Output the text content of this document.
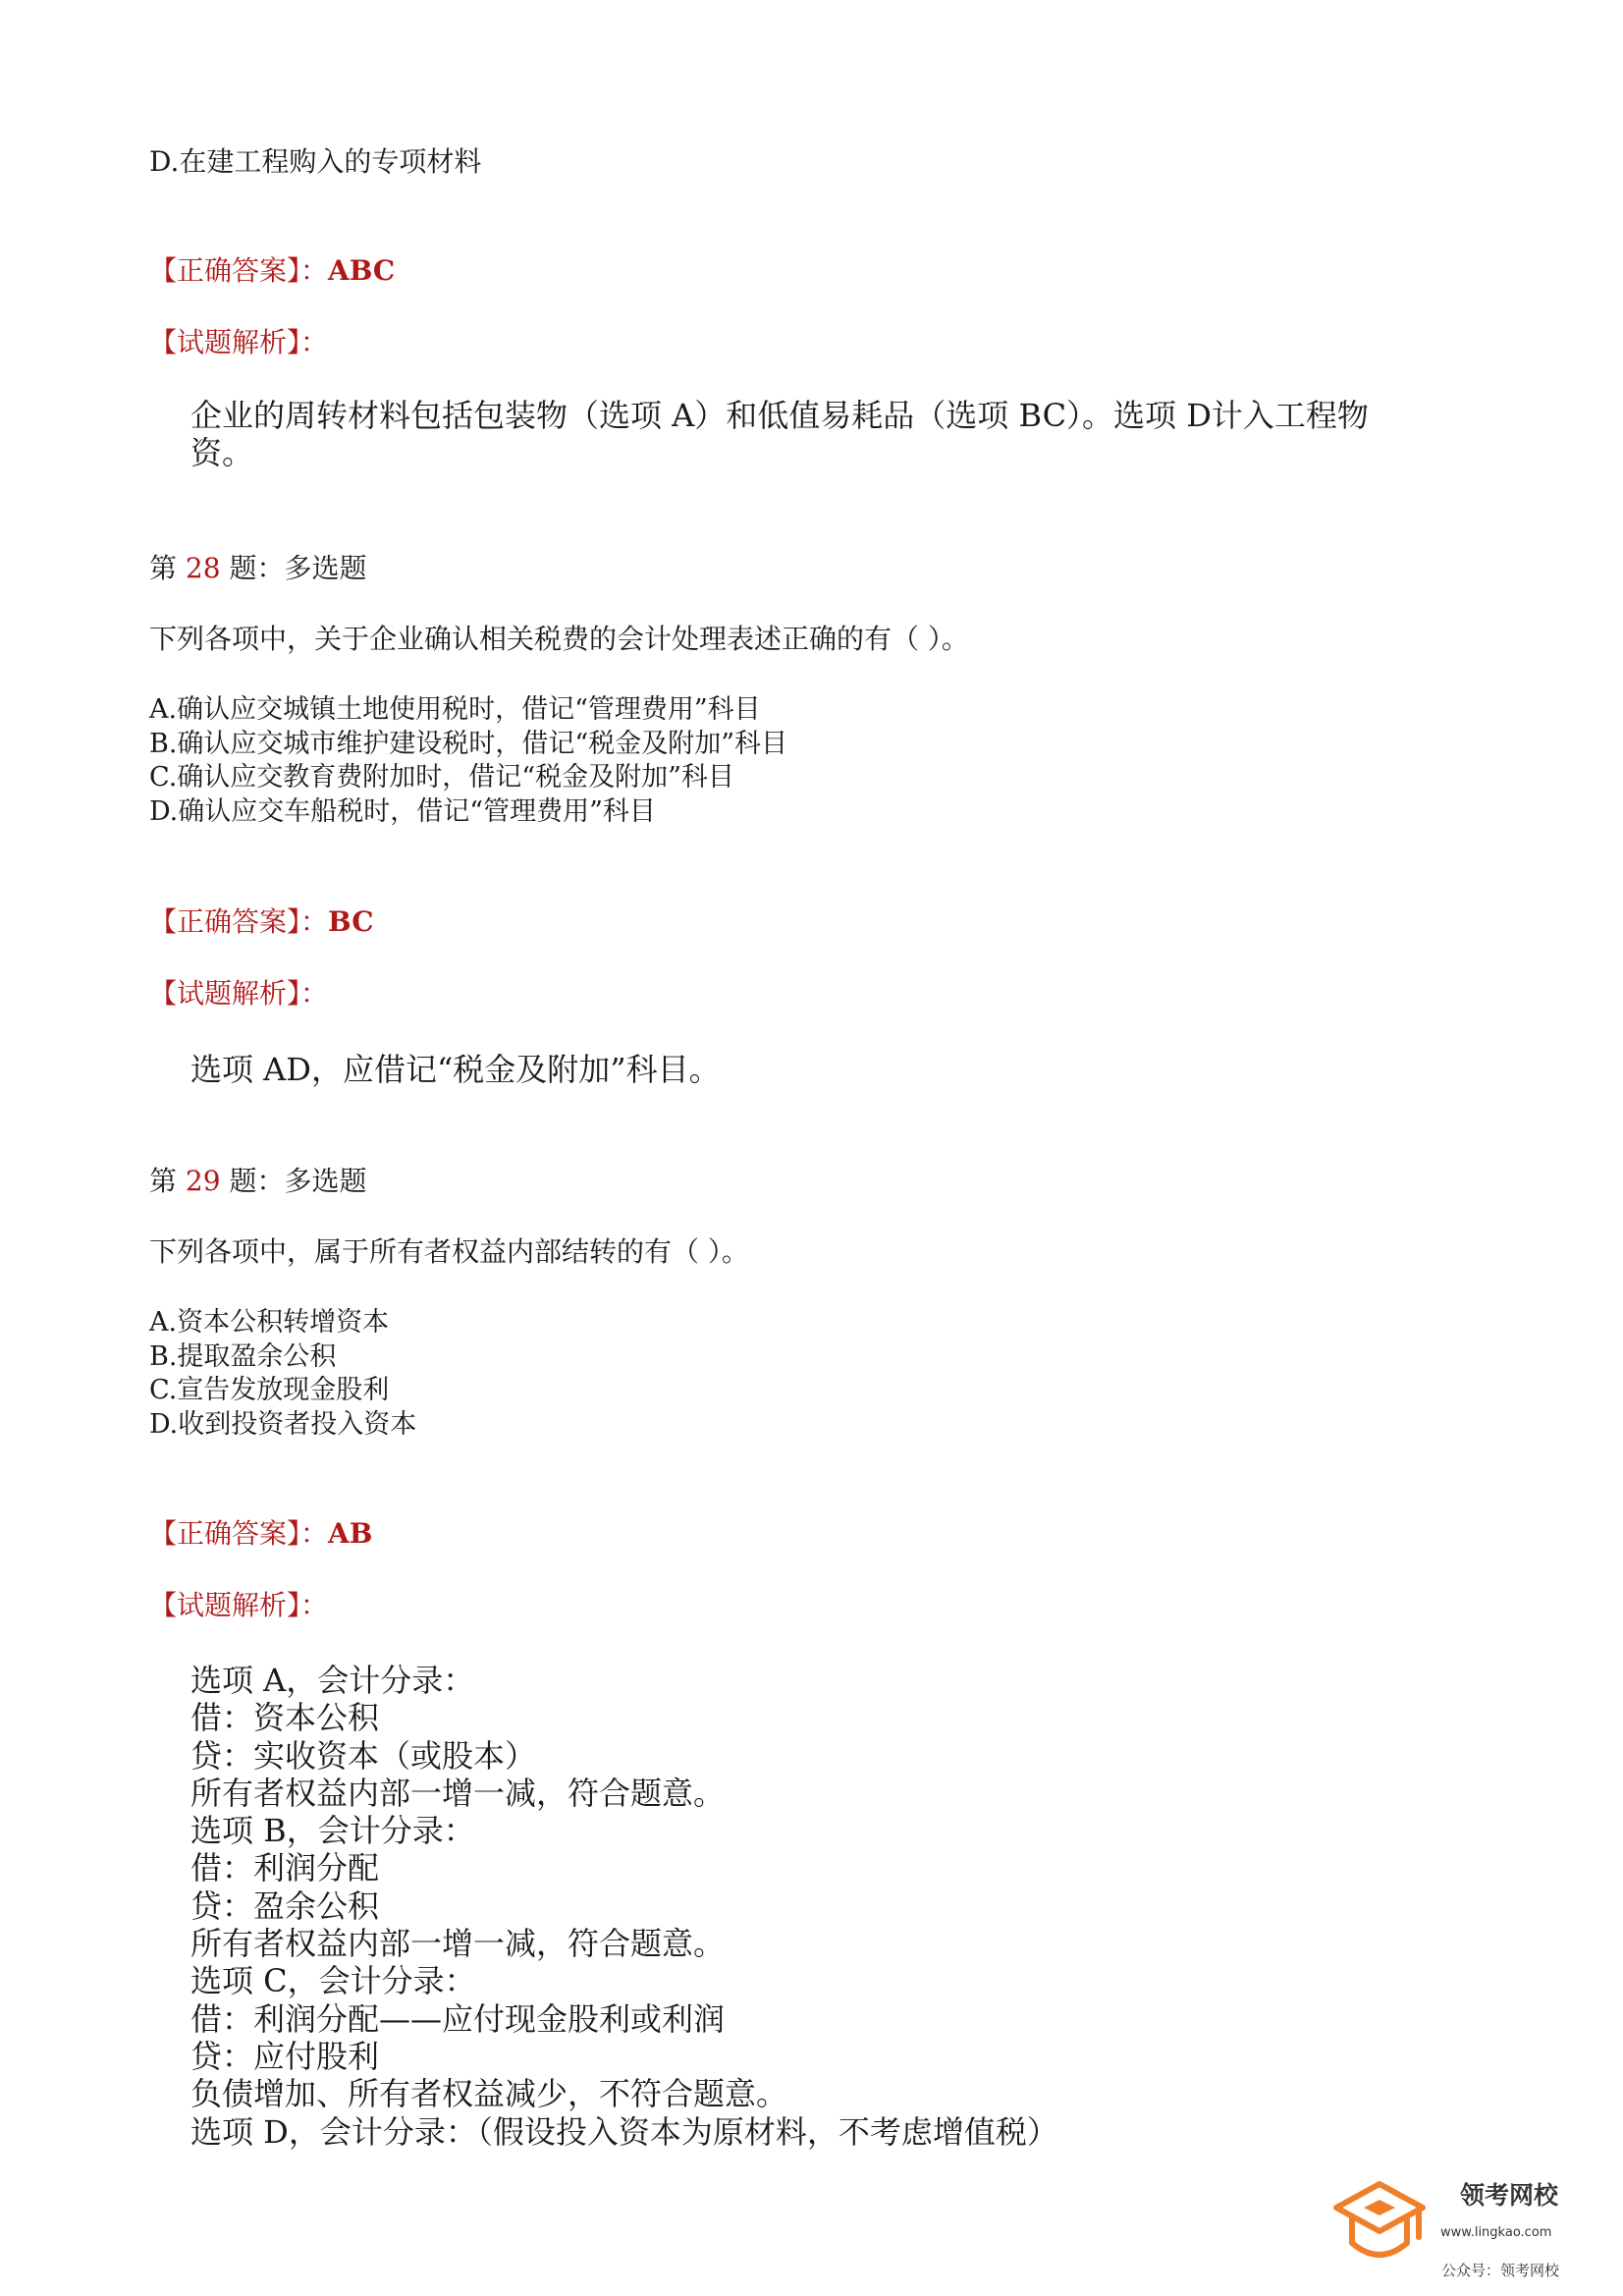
D.在建工程购入的专项材料
【正确答案】：ABC
【试题解析】：
企业的周转材料包括包装物（选项 A）和低值易耗品（选项 BC）。选项 D计入工程物
资。
第 28 题：多选题
下列各项中，关于企业确认相关税费的会计处理表述正确的有（ ）。
A.确认应交城镇土地使用税时，借记“管理费用”科目
B.确认应交城市维护建设税时，借记“税金及附加”科目
C.确认应交教育费附加时，借记“税金及附加”科目
D.确认应交车船税时，借记“管理费用”科目
【正确答案】：BC
【试题解析】：
选项 AD，应借记“税金及附加”科目。
第 29 题：多选题
下列各项中，属于所有者权益内部结转的有（ ）。
A.资本公积转增资本
B.提取盈余公积
C.宣告发放现金股利
D.收到投资者投入资本
【正确答案】：AB
【试题解析】：
选项 A，会计分录：
借：资本公积
贷：实收资本（或股本）
所有者权益内部一增一减，符合题意。
选项 B，会计分录：
借：利润分配
贷：盈余公积
所有者权益内部一增一减，符合题意。
选项 C，会计分录：
借：利润分配——应付现金股利或利润
贷：应付股利
负债增加、所有者权益减少，不符合题意。
选项 D，会计分录：（假设投入资本为原材料，不考虑增值税）
领考网校
www.lingkao.com
公众号：领考网校
